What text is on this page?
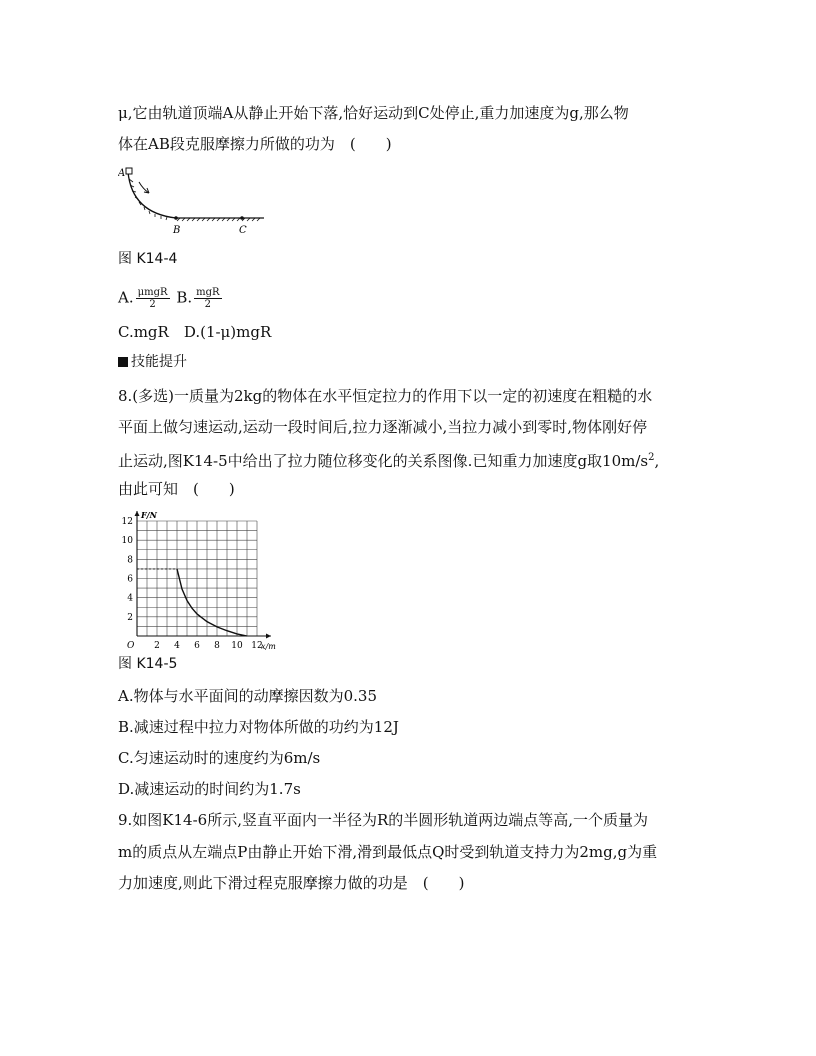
μ,它由轨道顶端A从静止开始下落,恰好运动到C处停止,重力加速度为g,那么物
体在AB段克服摩擦力所做的功为　(　　)
A
B	C
图 K14-4
A. $\frac{\text{μmgR}}{2} B$. $\frac{\text{mgR}}{2}$
C.mgR　D.(1-μ)mgR
技能提升
8.(多选)一质量为2kg的物体在水平恒定拉力的作用下以一定的初速度在粗糙的水
平面上做匀速运动,运动一段时间后,拉力逐渐减小,当拉力减小到零时,物体刚好停
止运动,图K14-5中给出了拉力随位移变化的关系图像.已知重力加速度g取$10m/s^2$,
由此可知　(　　)
2 4 6 8 10 12
2
4
6
8
10
12
O	x/m
F/N
图 K14-5
A.物体与水平面间的动摩擦因数为0.35
B.减速过程中拉力对物体所做的功约为12J
C.匀速运动时的速度约为6m/s
D.减速运动的时间约为1.7s
9.如图K14-6所示,竖直平面内一半径为R的半圆形轨道两边端点等高,一个质量为
m的质点从左端点P由静止开始下滑,滑到最低点Q时受到轨道支持力为2mg,g为重
力加速度,则此下滑过程克服摩擦力做的功是　(　　)
